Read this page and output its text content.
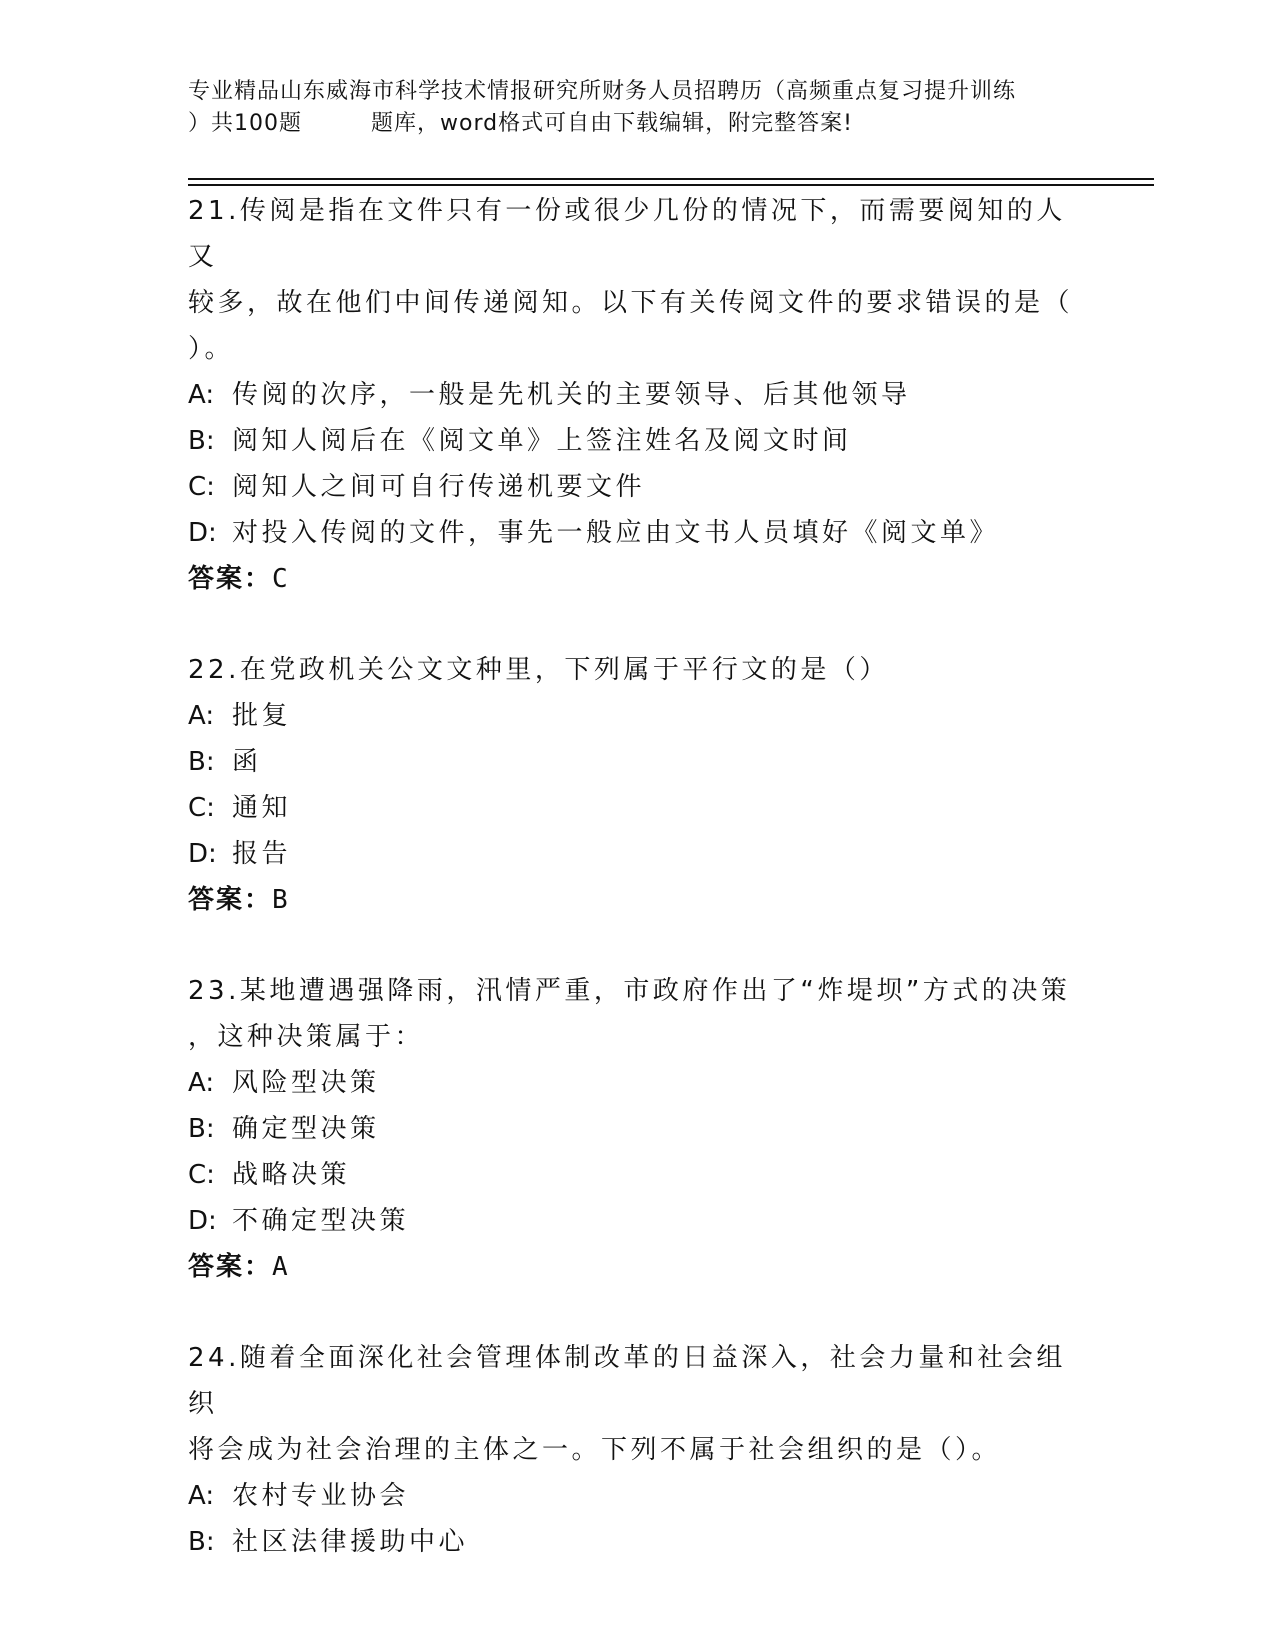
专业精品山东威海市科学技术情报研究所财务人员招聘历（高频重点复习提升训练
）共100题　　　题库，word格式可自由下载编辑，附完整答案!
21.传阅是指在文件只有一份或很少几份的情况下，而需要阅知的人又
较多，故在他们中间传递阅知。以下有关传阅文件的要求错误的是（
）。
A: 传阅的次序，一般是先机关的主要领导、后其他领导
B: 阅知人阅后在《阅文单》上签注姓名及阅文时间
C: 阅知人之间可自行传递机要文件
D: 对投入传阅的文件，事先一般应由文书人员填好《阅文单》
答案：C
22.在党政机关公文文种里，下列属于平行文的是（）
A: 批复
B: 函
C: 通知
D: 报告
答案：B
23.某地遭遇强降雨，汛情严重，市政府作出了“炸堤坝”方式的决策
，这种决策属于：
A: 风险型决策
B: 确定型决策
C: 战略决策
D: 不确定型决策
答案：A
24.随着全面深化社会管理体制改革的日益深入，社会力量和社会组织
将会成为社会治理的主体之一。下列不属于社会组织的是（）。
A: 农村专业协会
B: 社区法律援助中心
